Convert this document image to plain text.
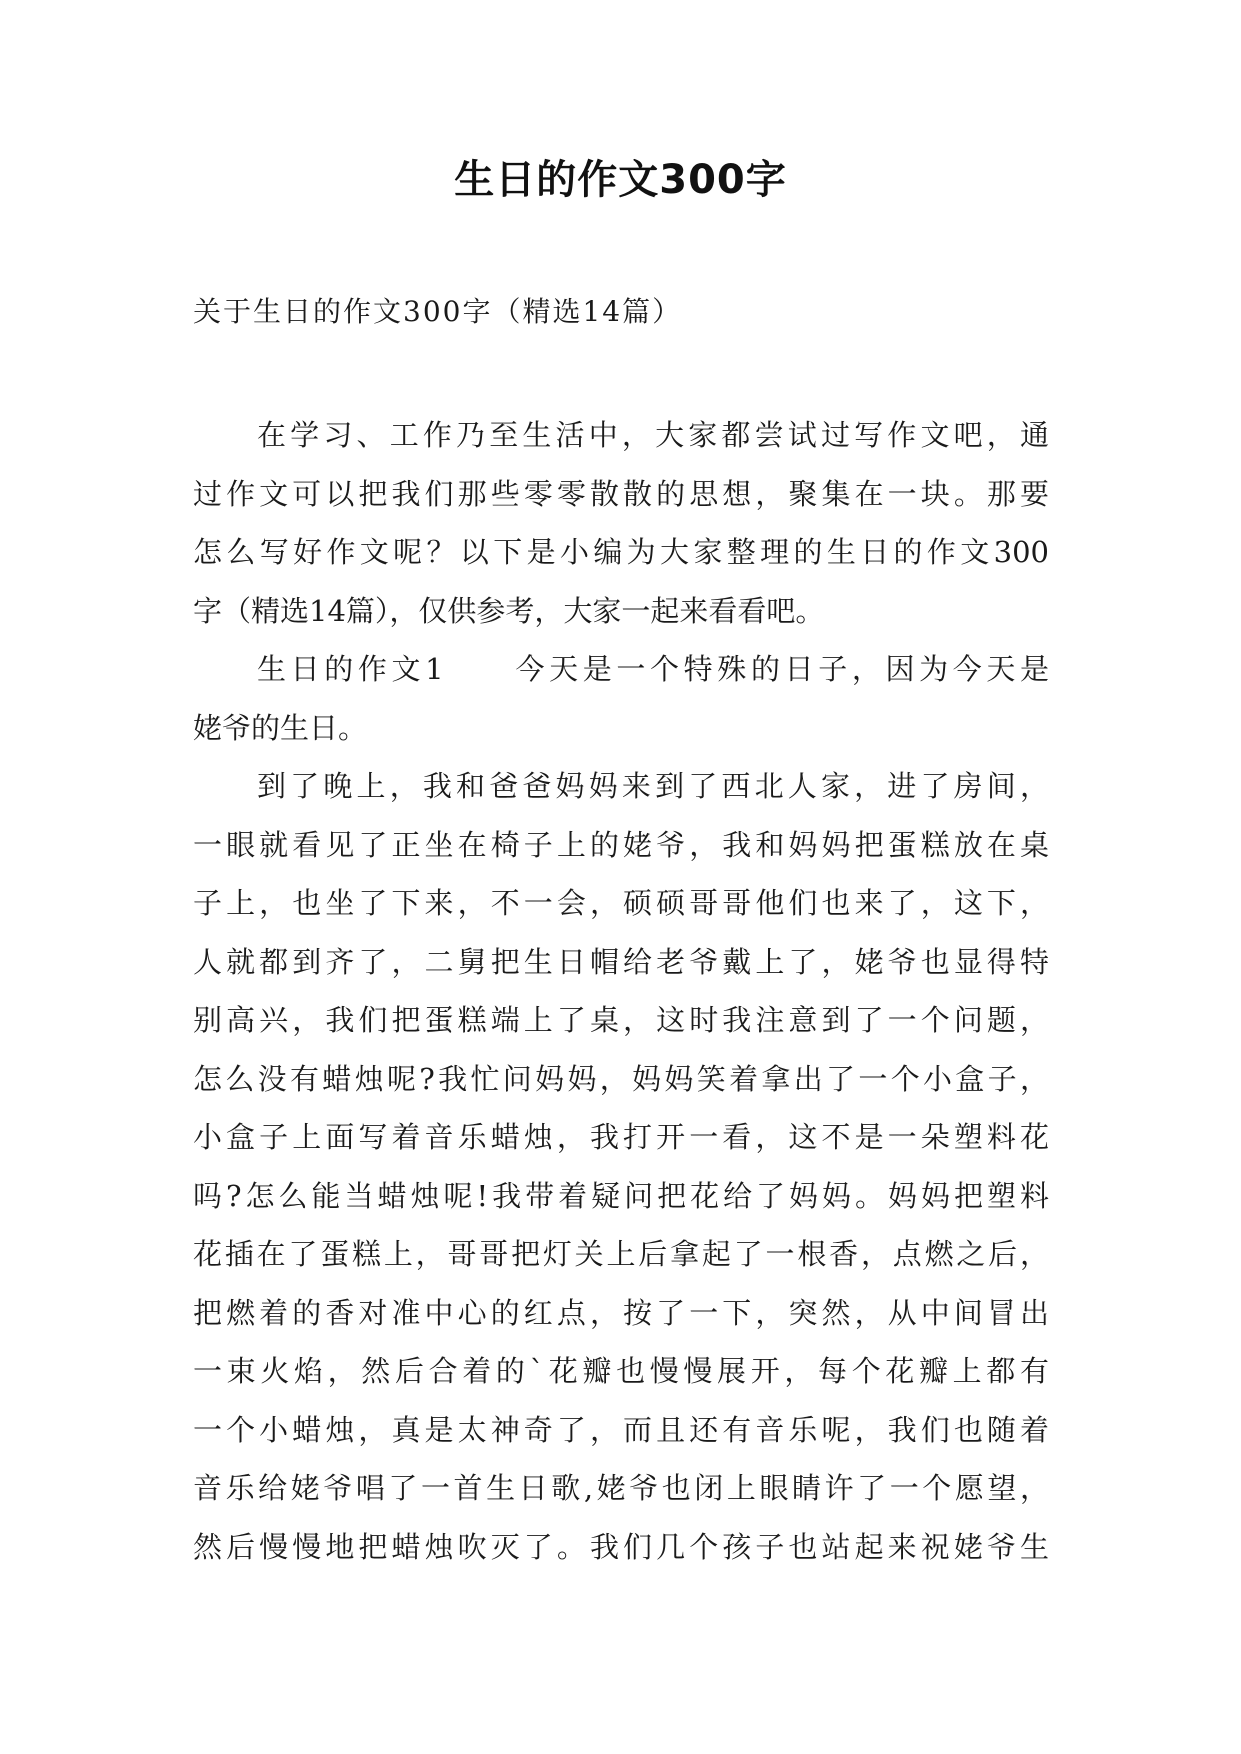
生日的作文300字
关于生日的作文300字（精选14篇）
在学习、工作乃至生活中，大家都尝试过写作文吧，通
过作文可以把我们那些零零散散的思想，聚集在一块。那要
怎么写好作文呢？以下是小编为大家整理的生日的作文300
字（精选14篇），仅供参考，大家一起来看看吧。
生日的作文1　　今天是一个特殊的日子，因为今天是
姥爷的生日。
到了晚上，我和爸爸妈妈来到了西北人家，进了房间，
一眼就看见了正坐在椅子上的姥爷，我和妈妈把蛋糕放在桌
子上，也坐了下来，不一会，硕硕哥哥他们也来了，这下，
人就都到齐了，二舅把生日帽给老爷戴上了，姥爷也显得特
别高兴，我们把蛋糕端上了桌，这时我注意到了一个问题，
怎么没有蜡烛呢?我忙问妈妈，妈妈笑着拿出了一个小盒子，
小盒子上面写着音乐蜡烛，我打开一看，这不是一朵塑料花
吗?怎么能当蜡烛呢!我带着疑问把花给了妈妈。妈妈把塑料
花插在了蛋糕上，哥哥把灯关上后拿起了一根香，点燃之后，
把燃着的香对准中心的红点，按了一下，突然，从中间冒出
一束火焰，然后合着的`花瓣也慢慢展开，每个花瓣上都有
一个小蜡烛，真是太神奇了，而且还有音乐呢，我们也随着
音乐给姥爷唱了一首生日歌,姥爷也闭上眼睛许了一个愿望，
然后慢慢地把蜡烛吹灭了。我们几个孩子也站起来祝姥爷生
